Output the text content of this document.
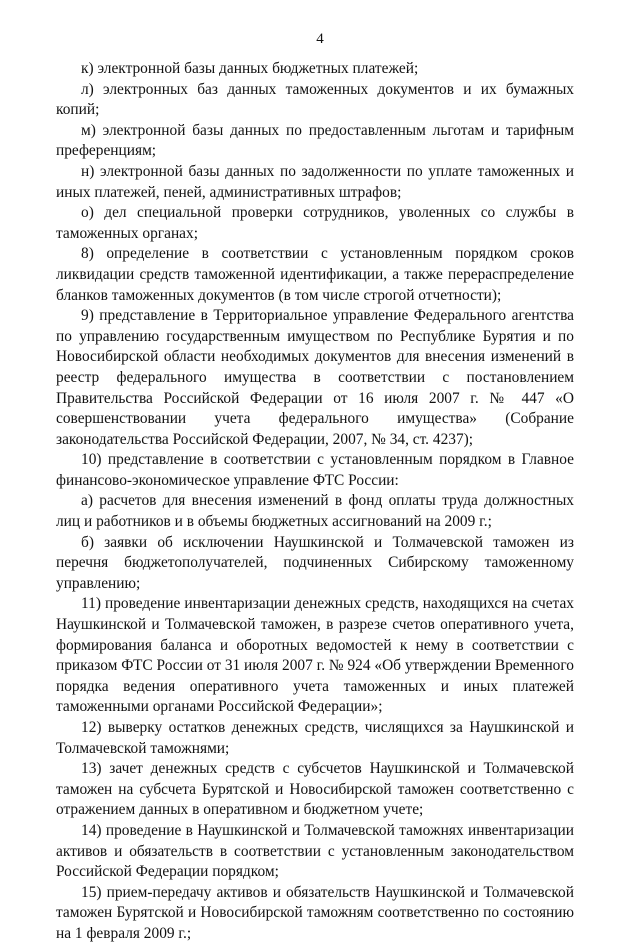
4

к) электронной базы данных бюджетных платежей;

л) электронных баз данных таможенных документов и их бумажных копий;

м) электронной базы данных по предоставленным льготам и тарифным преференциям;

н) электронной базы данных по задолженности по уплате таможенных и иных платежей, пеней, административных штрафов;

о) дел специальной проверки сотрудников, уволенных со службы в таможенных органах;

8) определение в соответствии с установленным порядком сроков ликвидации средств таможенной идентификации, а также перераспределение бланков таможенных документов (в том числе строгой отчетности);

9) представление в Территориальное управление Федерального агентства по управлению государственным имуществом по Республике Бурятия и по Новосибирской области необходимых документов для внесения изменений в реестр федерального имущества в соответствии с постановлением Правительства Российской Федерации от 16 июля 2007 г. № 447 «О совершенствовании учета федерального имущества» (Собрание законодательства Российской Федерации, 2007, № 34, ст. 4237);

10) представление в соответствии с установленным порядком в Главное финансово-экономическое управление ФТС России:

а) расчетов для внесения изменений в фонд оплаты труда должностных лиц и работников и в объемы бюджетных ассигнований на 2009 г.;

б) заявки об исключении Наушкинской и Толмачевской таможен из перечня бюджетополучателей, подчиненных Сибирскому таможенному управлению;

11) проведение инвентаризации денежных средств, находящихся на счетах Наушкинской и Толмачевской таможен, в разрезе счетов оперативного учета, формирования баланса и оборотных ведомостей к нему в соответствии с приказом ФТС России от 31 июля 2007 г. № 924 «Об утверждении Временного порядка ведения оперативного учета таможенных и иных платежей таможенными органами Российской Федерации»;

12) выверку остатков денежных средств, числящихся за Наушкинской и Толмачевской таможнями;

13) зачет денежных средств с субсчетов Наушкинской и Толмачевской таможен на субсчета Бурятской и Новосибирской таможен соответственно с отражением данных в оперативном и бюджетном учете;

14) проведение в Наушкинской и Толмачевской таможнях инвентаризации активов и обязательств в соответствии с установленным законодательством Российской Федерации порядком;

15) прием-передачу активов и обязательств Наушкинской и Толмачевской таможен Бурятской и Новосибирской таможням соответственно по состоянию на 1 февраля 2009 г.;
